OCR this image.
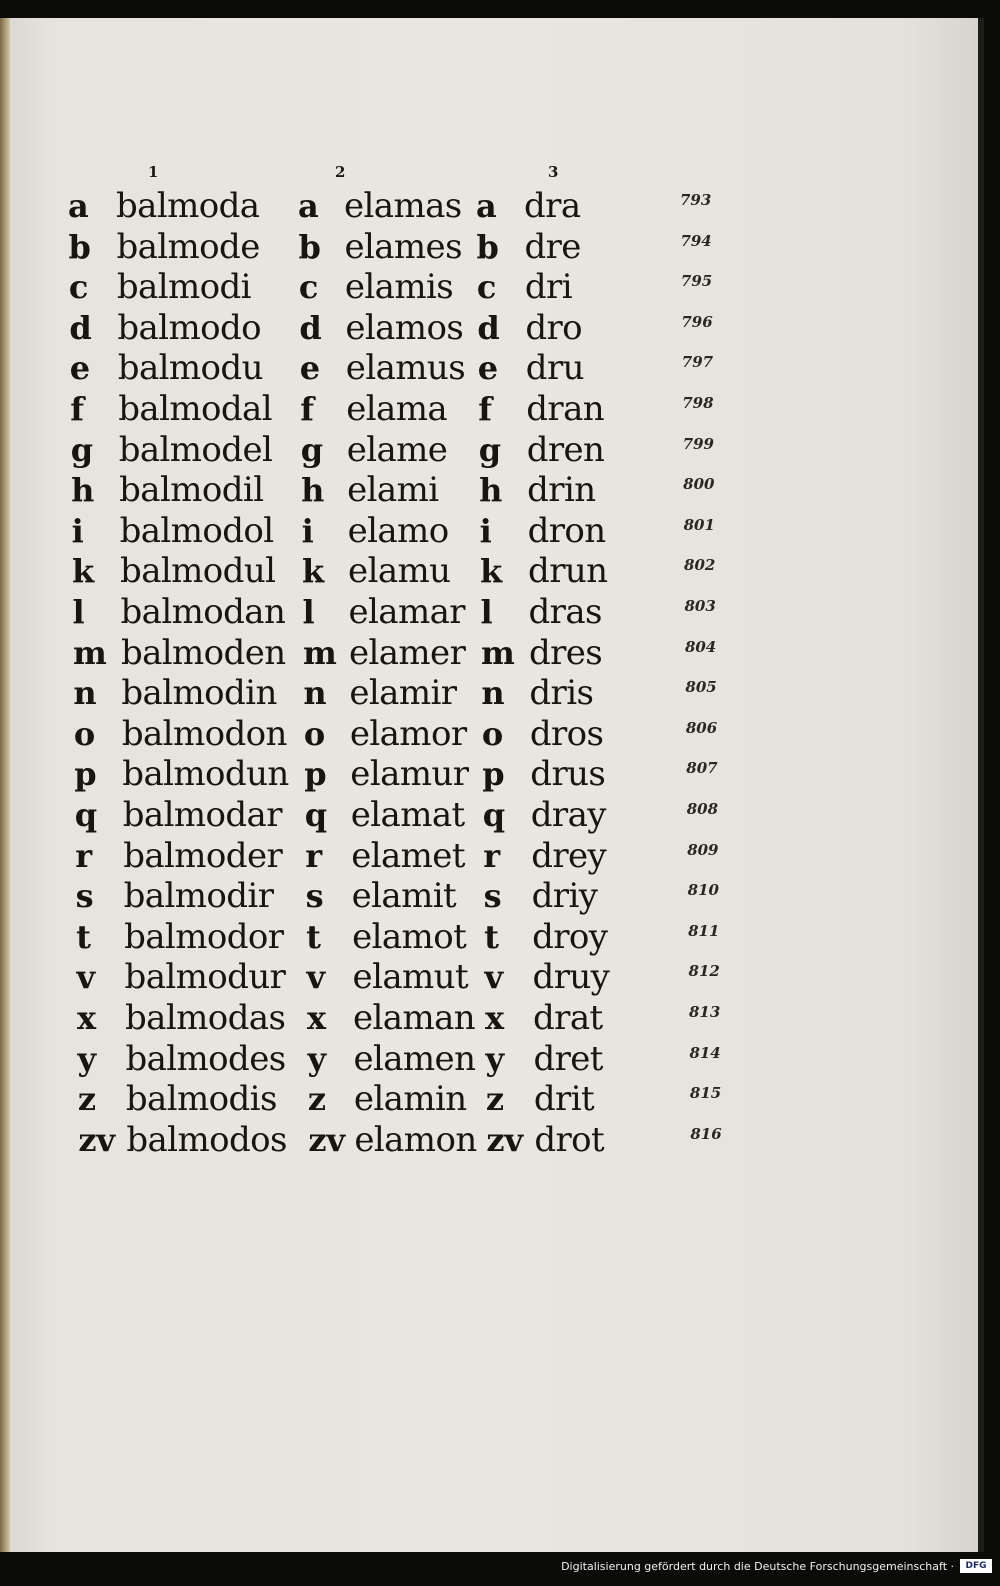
1	2	3
a balmoda a elamas a dra	793
b balmode b elames b dre	794
c balmodi c elamis c dri	795
d balmodo d elamos d dro	796
e balmodu e elamus e dru	797
f balmodal f elama f dran	798
g balmodel g elame g dren	799
h balmodil h elami h drin	800
i balmodol i elamo i dron	801
k balmodul k elamu k drun	802
l balmodan l elamar l dras	803
m balmoden m elamer m dres	804
n balmodin n elamir n dris	805
o balmodon o elamor o dros	806
p balmodun p elamur p drus	807
q balmodar q elamat q dray	808
r balmoder r elamet r drey	809
s balmodir s elamit s driy	810
t balmodor t elamot t droy	811
v balmodur v elamut v druy	812
x balmodas x elaman x drat	813
y balmodes y elamen y dret	814
z balmodis z elamin z drit	815
zv balmodos zv elamon zv drot	816
Digitalisierung gefördert durch die Deutsche Forschungsgemeinschaft ·	DFG
